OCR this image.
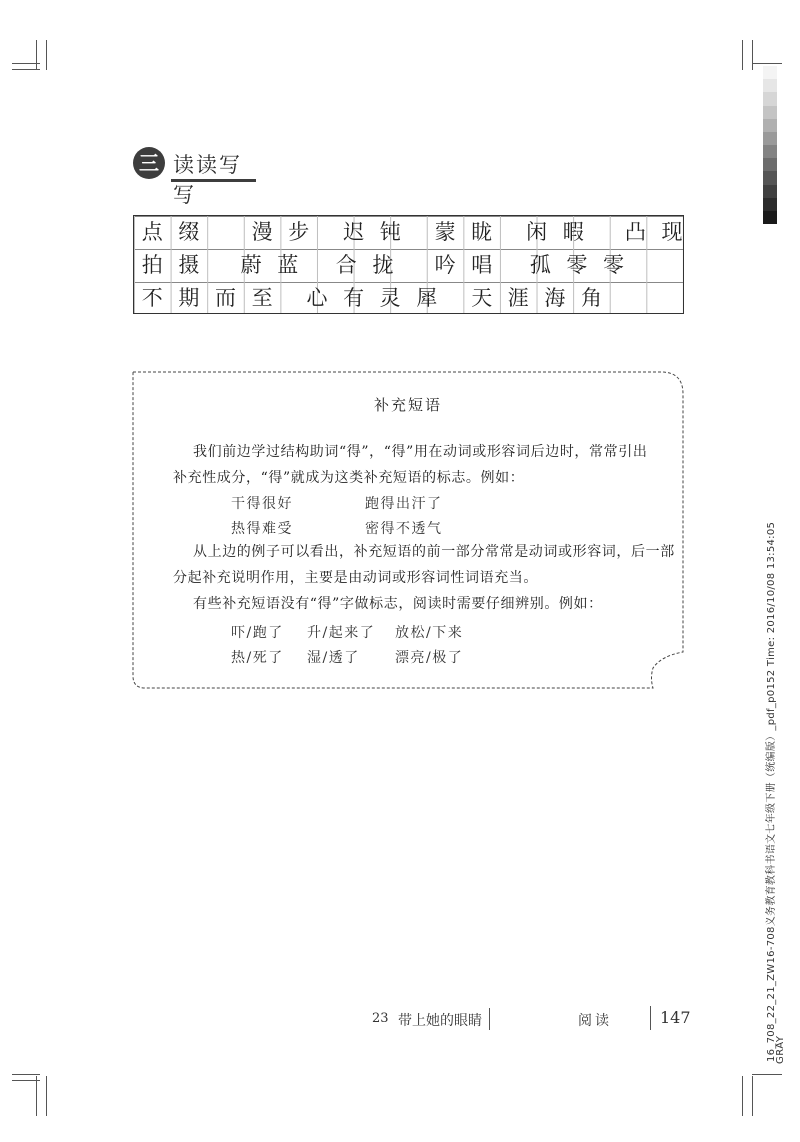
三 读读写写
点 缀	漫 步	迟 钝	蒙 眬	闲 暇	凸 现
拍 摄	蔚 蓝	合 拢	吟 唱	孤 零 零
不 期 而 至	心 有 灵 犀	天 涯 海 角
补充短语
我们前边学过结构助词“得”，“得”用在动词或形容词后边时，常常引出
补充性成分，“得”就成为这类补充短语的标志。例如：
干得很好	跑得出汗了
热得难受	密得不透气
从上边的例子可以看出，补充短语的前一部分常常是动词或形容词，后一部
分起补充说明作用，主要是由动词或形容词性词语充当。
有些补充短语没有“得”字做标志，阅读时需要仔细辨别。例如：
吓/跑了 升/起来了 放松/下来
热/死了 湿/透了	漂亮/极了
23 带上她的眼睛	阅读	147	16_708_22_21_ZW16-708义务教育教科书语文七年级下册（统编版）_pdf_p0152 Time: 2016/10/08 13:54:05
GRAY
